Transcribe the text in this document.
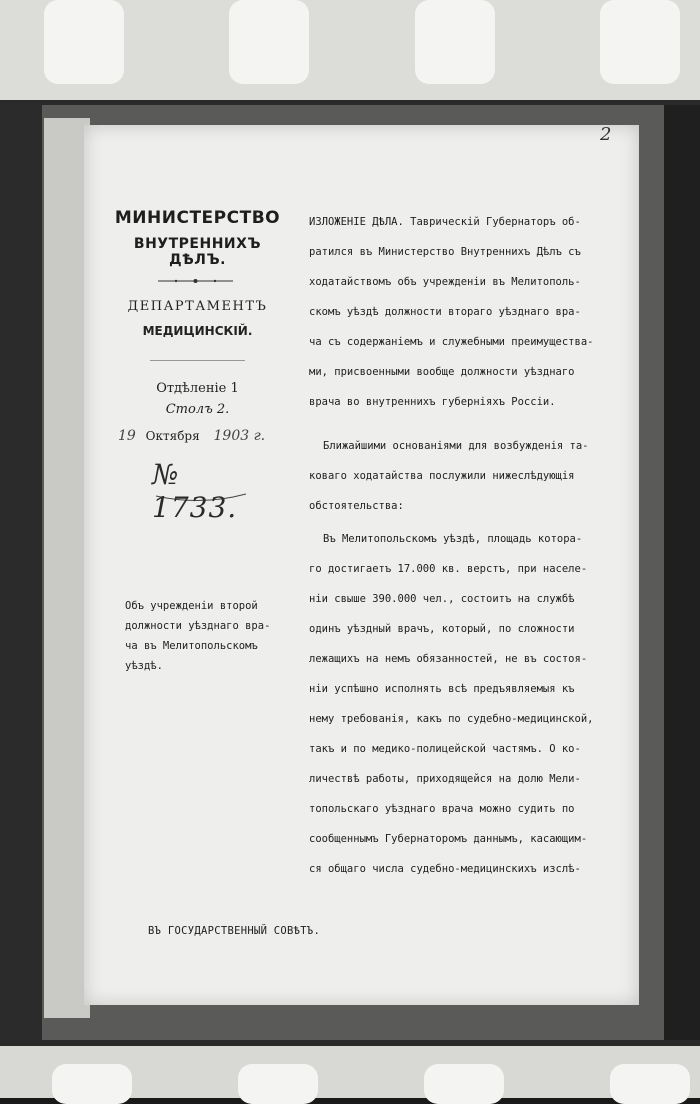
2
МИНИСТЕРСТВО
ВНУТРЕННИХЪ ДѢЛЪ.
ДЕПАРТАМЕНТЪ
МЕДИЦИНСКІЙ.
Отдѣленіе 1
Столъ 2.
19 Октября 1903 г.
№ 1733.
Объ учрежденіи второй
должности уѣзднаго вра-
ча въ Мелитопольскомъ
уѣздѣ.
ВЪ ГОСУДАРСТВЕННЫЙ СОВѢТЪ.
ИЗЛОЖЕНІЕ ДѢЛА. Таврическій Губернаторъ об-
ратился въ Министерство Внутреннихъ Дѣлъ съ
ходатайствомъ объ учрежденіи въ Мелитополь-
скомъ уѣздѣ должности втораго уѣзднаго вра-
ча съ содержаніемъ и служебными преимущества-
ми, присвоенными вообще должности уѣзднаго
врача во внутреннихъ губерніяхъ Россіи.
Ближайшими основаніями для возбужденія та-
коваго ходатайства послужили нижеслѣдующія
обстоятельства:
Въ Мелитопольскомъ уѣздѣ, площадь котора-
го достигаетъ 17.000 кв. верстъ, при населе-
ніи свыше 390.000 чел., состоитъ на службѣ
одинъ уѣздный врачъ, который, по сложности
лежащихъ на немъ обязанностей, не въ состоя-
ніи успѣшно исполнять всѣ предъявляемыя къ
нему требованія, какъ по судебно-медицинской,
такъ и по медико-полицейской частямъ. О ко-
личествѣ работы, приходящейся на долю Мели-
топольскаго уѣзднаго врача можно судить по
сообщеннымъ Губернаторомъ даннымъ, касающим-
ся общаго числа судебно-медицинскихъ изслѣ-
